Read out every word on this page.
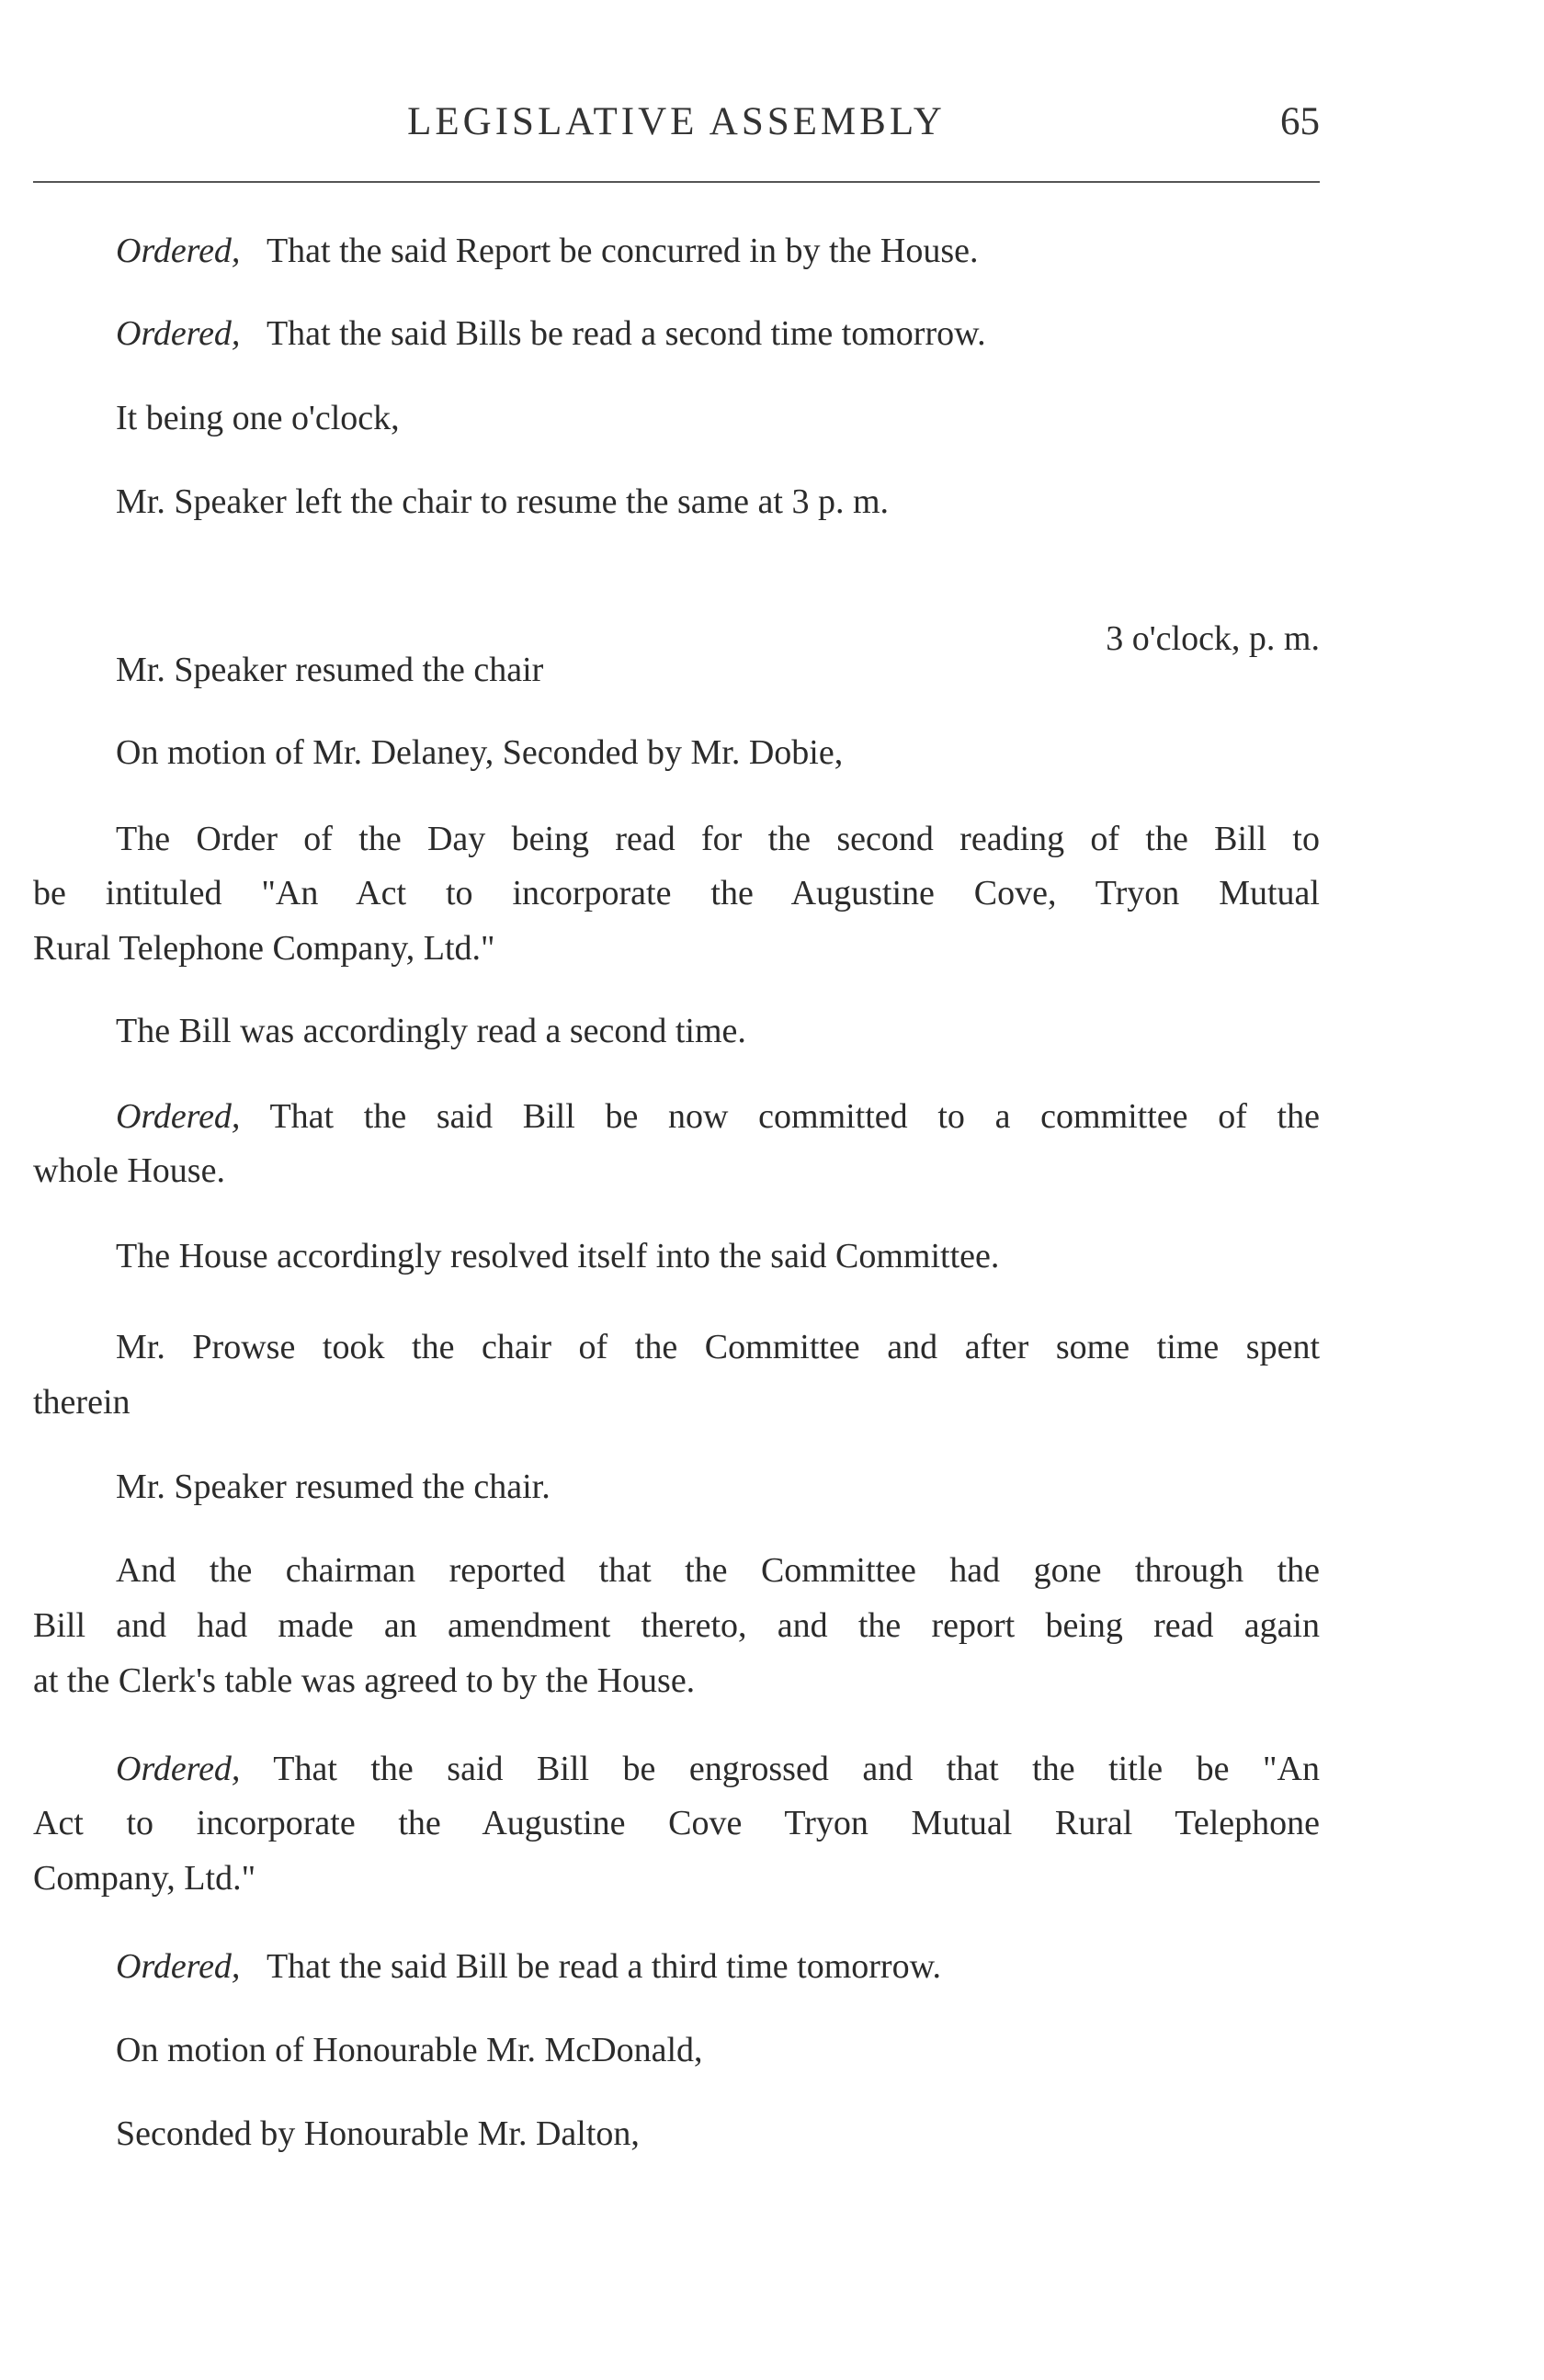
LEGISLATIVE ASSEMBLY	65
Ordered, That the said Report be concurred in by the House.
Ordered, That the said Bills be read a second time tomorrow.
It being one o'clock,
Mr. Speaker left the chair to resume the same at 3 p. m.
3 o'clock, p. m.
Mr. Speaker resumed the chair
On motion of Mr. Delaney, Seconded by Mr. Dobie,
The Order of the Day being read for the second reading of the Bill to
be intituled "An Act to incorporate the Augustine Cove, Tryon Mutual
Rural Telephone Company, Ltd."
The Bill was accordingly read a second time.
Ordered, That the said Bill be now committed to a committee of the
whole House.
The House accordingly resolved itself into the said Committee.
Mr. Prowse took the chair of the Committee and after some time spent
therein
Mr. Speaker resumed the chair.
And the chairman reported that the Committee had gone through the
Bill and had made an amendment thereto, and the report being read again
at the Clerk's table was agreed to by the House.
Ordered, That the said Bill be engrossed and that the title be "An
Act to incorporate the Augustine Cove Tryon Mutual Rural Telephone
Company, Ltd."
Ordered, That the said Bill be read a third time tomorrow.
On motion of Honourable Mr. McDonald,
Seconded by Honourable Mr. Dalton,
